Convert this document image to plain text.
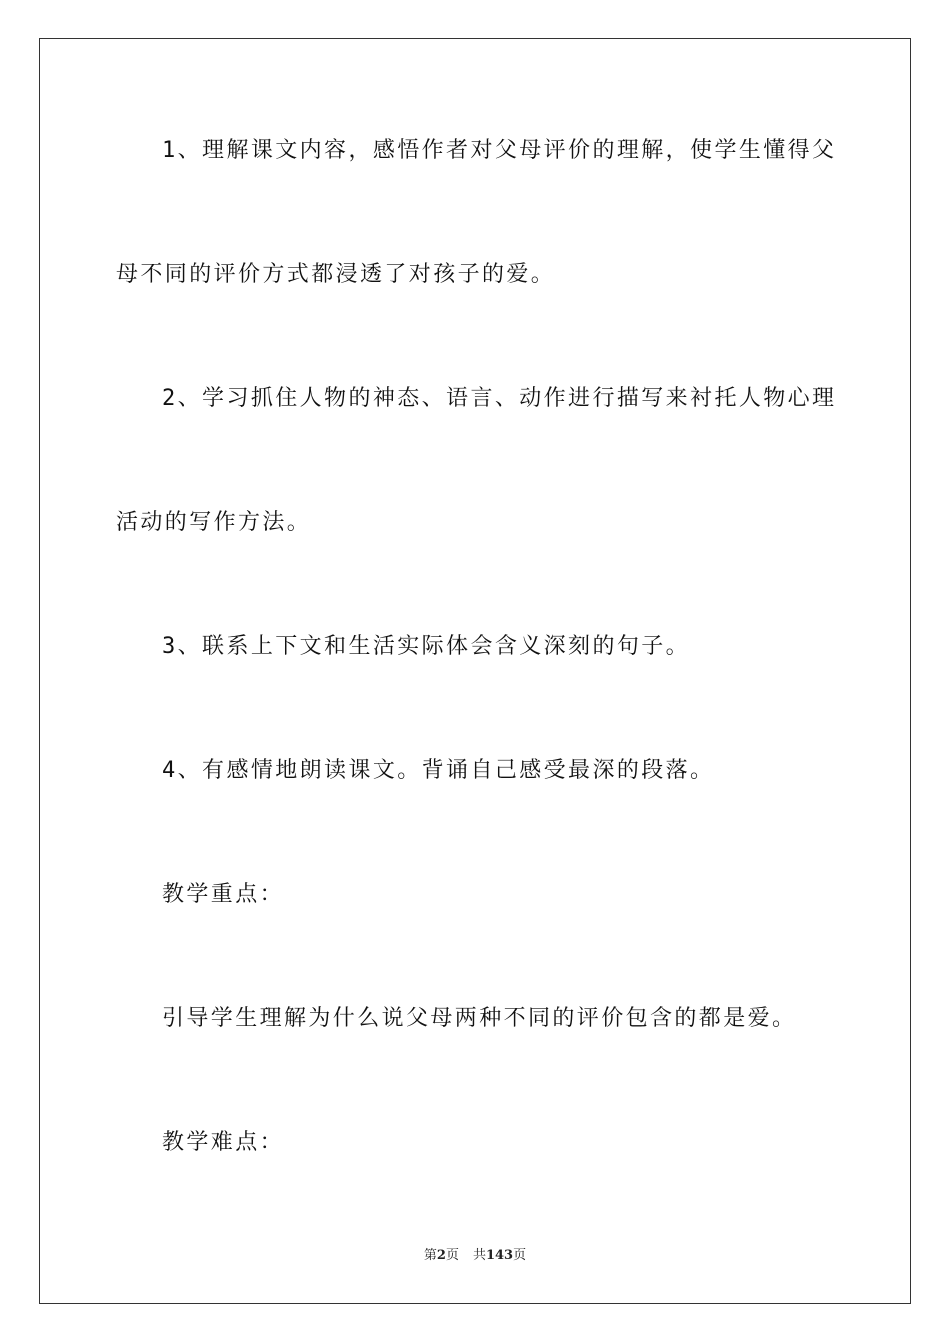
1、理解课文内容，感悟作者对父母评价的理解，使学生懂得父
母不同的评价方式都浸透了对孩子的爱。
2、学习抓住人物的神态、语言、动作进行描写来衬托人物心理
活动的写作方法。
3、联系上下文和生活实际体会含义深刻的句子。
4、有感情地朗读课文。背诵自己感受最深的段落。
教学重点：
引导学生理解为什么说父母两种不同的评价包含的都是爱。
教学难点：
第2页 共143页
